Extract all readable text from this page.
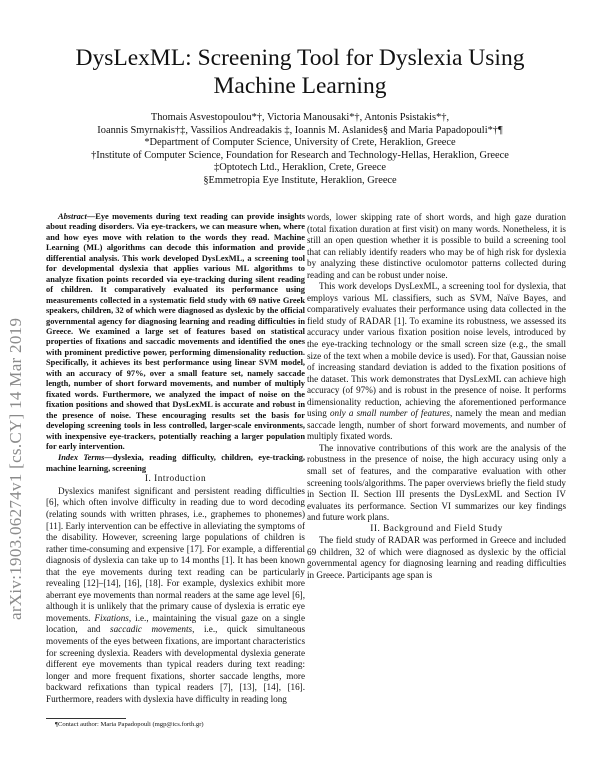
arXiv:1903.06274v1 [cs.CY] 14 Mar 2019
DysLexML: Screening Tool for Dyslexia Using
Machine Learning
Thomais Asvestopoulou*†, Victoria Manousaki*†, Antonis Psistakis*†,
Ioannis Smyrnakis†‡, Vassilios Andreadakis ‡, Ioannis M. Aslanides§ and Maria Papadopouli*†¶
*Department of Computer Science, University of Crete, Heraklion, Greece
†Institute of Computer Science, Foundation for Research and Technology-Hellas, Heraklion, Greece
‡Optotech Ltd., Heraklion, Crete, Greece
§Emmetropia Eye Institute, Heraklion, Greece

Abstract—Eye movements during text reading can provide insights about reading disorders. Via eye-trackers, we can measure when, where and how eyes move with relation to the words they read. Machine Learning (ML) algorithms can decode this information and provide differential analysis. This work developed DysLexML, a screening tool for developmental dyslexia that applies various ML algorithms to analyze fixation points recorded via eye-tracking during silent reading of children. It comparatively evaluated its performance using measurements collected in a systematic field study with 69 native Greek speakers, children, 32 of which were diagnosed as dyslexic by the official governmental agency for diagnosing learning and reading difficulties in Greece. We examined a large set of features based on statistical properties of fixations and saccadic movements and identified the ones with prominent predictive power, performing dimensionality reduction. Specifically, it achieves its best performance using linear SVM model, with an accuracy of 97%, over a small feature set, namely saccade length, number of short forward movements, and number of multiply fixated words. Furthermore, we analyzed the impact of noise on the fixation positions and showed that DysLexML is accurate and robust in the presence of noise. These encouraging results set the basis for developing screening tools in less controlled, larger-scale environments, with inexpensive eye-trackers, potentially reaching a larger population for early intervention.

Index Terms—dyslexia, reading difficulty, children, eye-tracking, machine learning, screening

I. Introduction

Dyslexics manifest significant and persistent reading difficulties [6], which often involve difficulty in reading due to word decoding (relating sounds with written phrases, i.e., graphemes to phonemes) [11]. Early intervention can be effective in alleviating the symptoms of the disability. However, screening large populations of children is rather time-consuming and expensive [17]. For example, a differential diagnosis of dyslexia can take up to 14 months [1]. It has been known that the eye movements during text reading can be particularly revealing [12]–[14], [16], [18]. For example, dyslexics exhibit more aberrant eye movements than normal readers at the same age level [6], although it is unlikely that the primary cause of dyslexia is erratic eye movements. Fixations, i.e., maintaining the visual gaze on a single location, and saccadic movements, i.e., quick simultaneous movements of the eyes between fixations, are important characteristics for screening dyslexia. Readers with developmental dyslexia generate different eye movements than typical readers during text reading: longer and more frequent fixations, shorter saccade lengths, more backward refixations than typical readers [7], [13], [14], [16]. Furthermore, readers with dyslexia have difficulty in reading long

¶Contact author: Maria Papadopouli (mgp@ics.forth.gr)

words, lower skipping rate of short words, and high gaze duration (total fixation duration at first visit) on many words. Nonetheless, it is still an open question whether it is possible to build a screening tool that can reliably identify readers who may be of high risk for dyslexia by analyzing these distinctive oculomotor patterns collected during reading and can be robust under noise.

This work develops DysLexML, a screening tool for dyslexia, that employs various ML classifiers, such as SVM, Naïve Bayes, and comparatively evaluates their performance using data collected in the field study of RADAR [1]. To examine its robustness, we assessed its accuracy under various fixation position noise levels, introduced by the eye-tracking technology or the small screen size (e.g., the small size of the text when a mobile device is used). For that, Gaussian noise of increasing standard deviation is added to the fixation positions of the dataset. This work demonstrates that DysLexML can achieve high accuracy (of 97%) and is robust in the presence of noise. It performs dimensionality reduction, achieving the aforementioned performance using only a small number of features, namely the mean and median saccade length, number of short forward movements, and number of multiply fixated words.

The innovative contributions of this work are the analysis of the robustness in the presence of noise, the high accuracy using only a small set of features, and the comparative evaluation with other screening tools/algorithms. The paper overviews briefly the field study in Section II. Section III presents the DysLexML and Section IV evaluates its performance. Section VI summarizes our key findings and future work plans.

II. Background and Field Study

The field study of RADAR was performed in Greece and included 69 children, 32 of which were diagnosed as dyslexic by the official governmental agency for diagnosing learning and reading difficulties in Greece. Participants age span is
